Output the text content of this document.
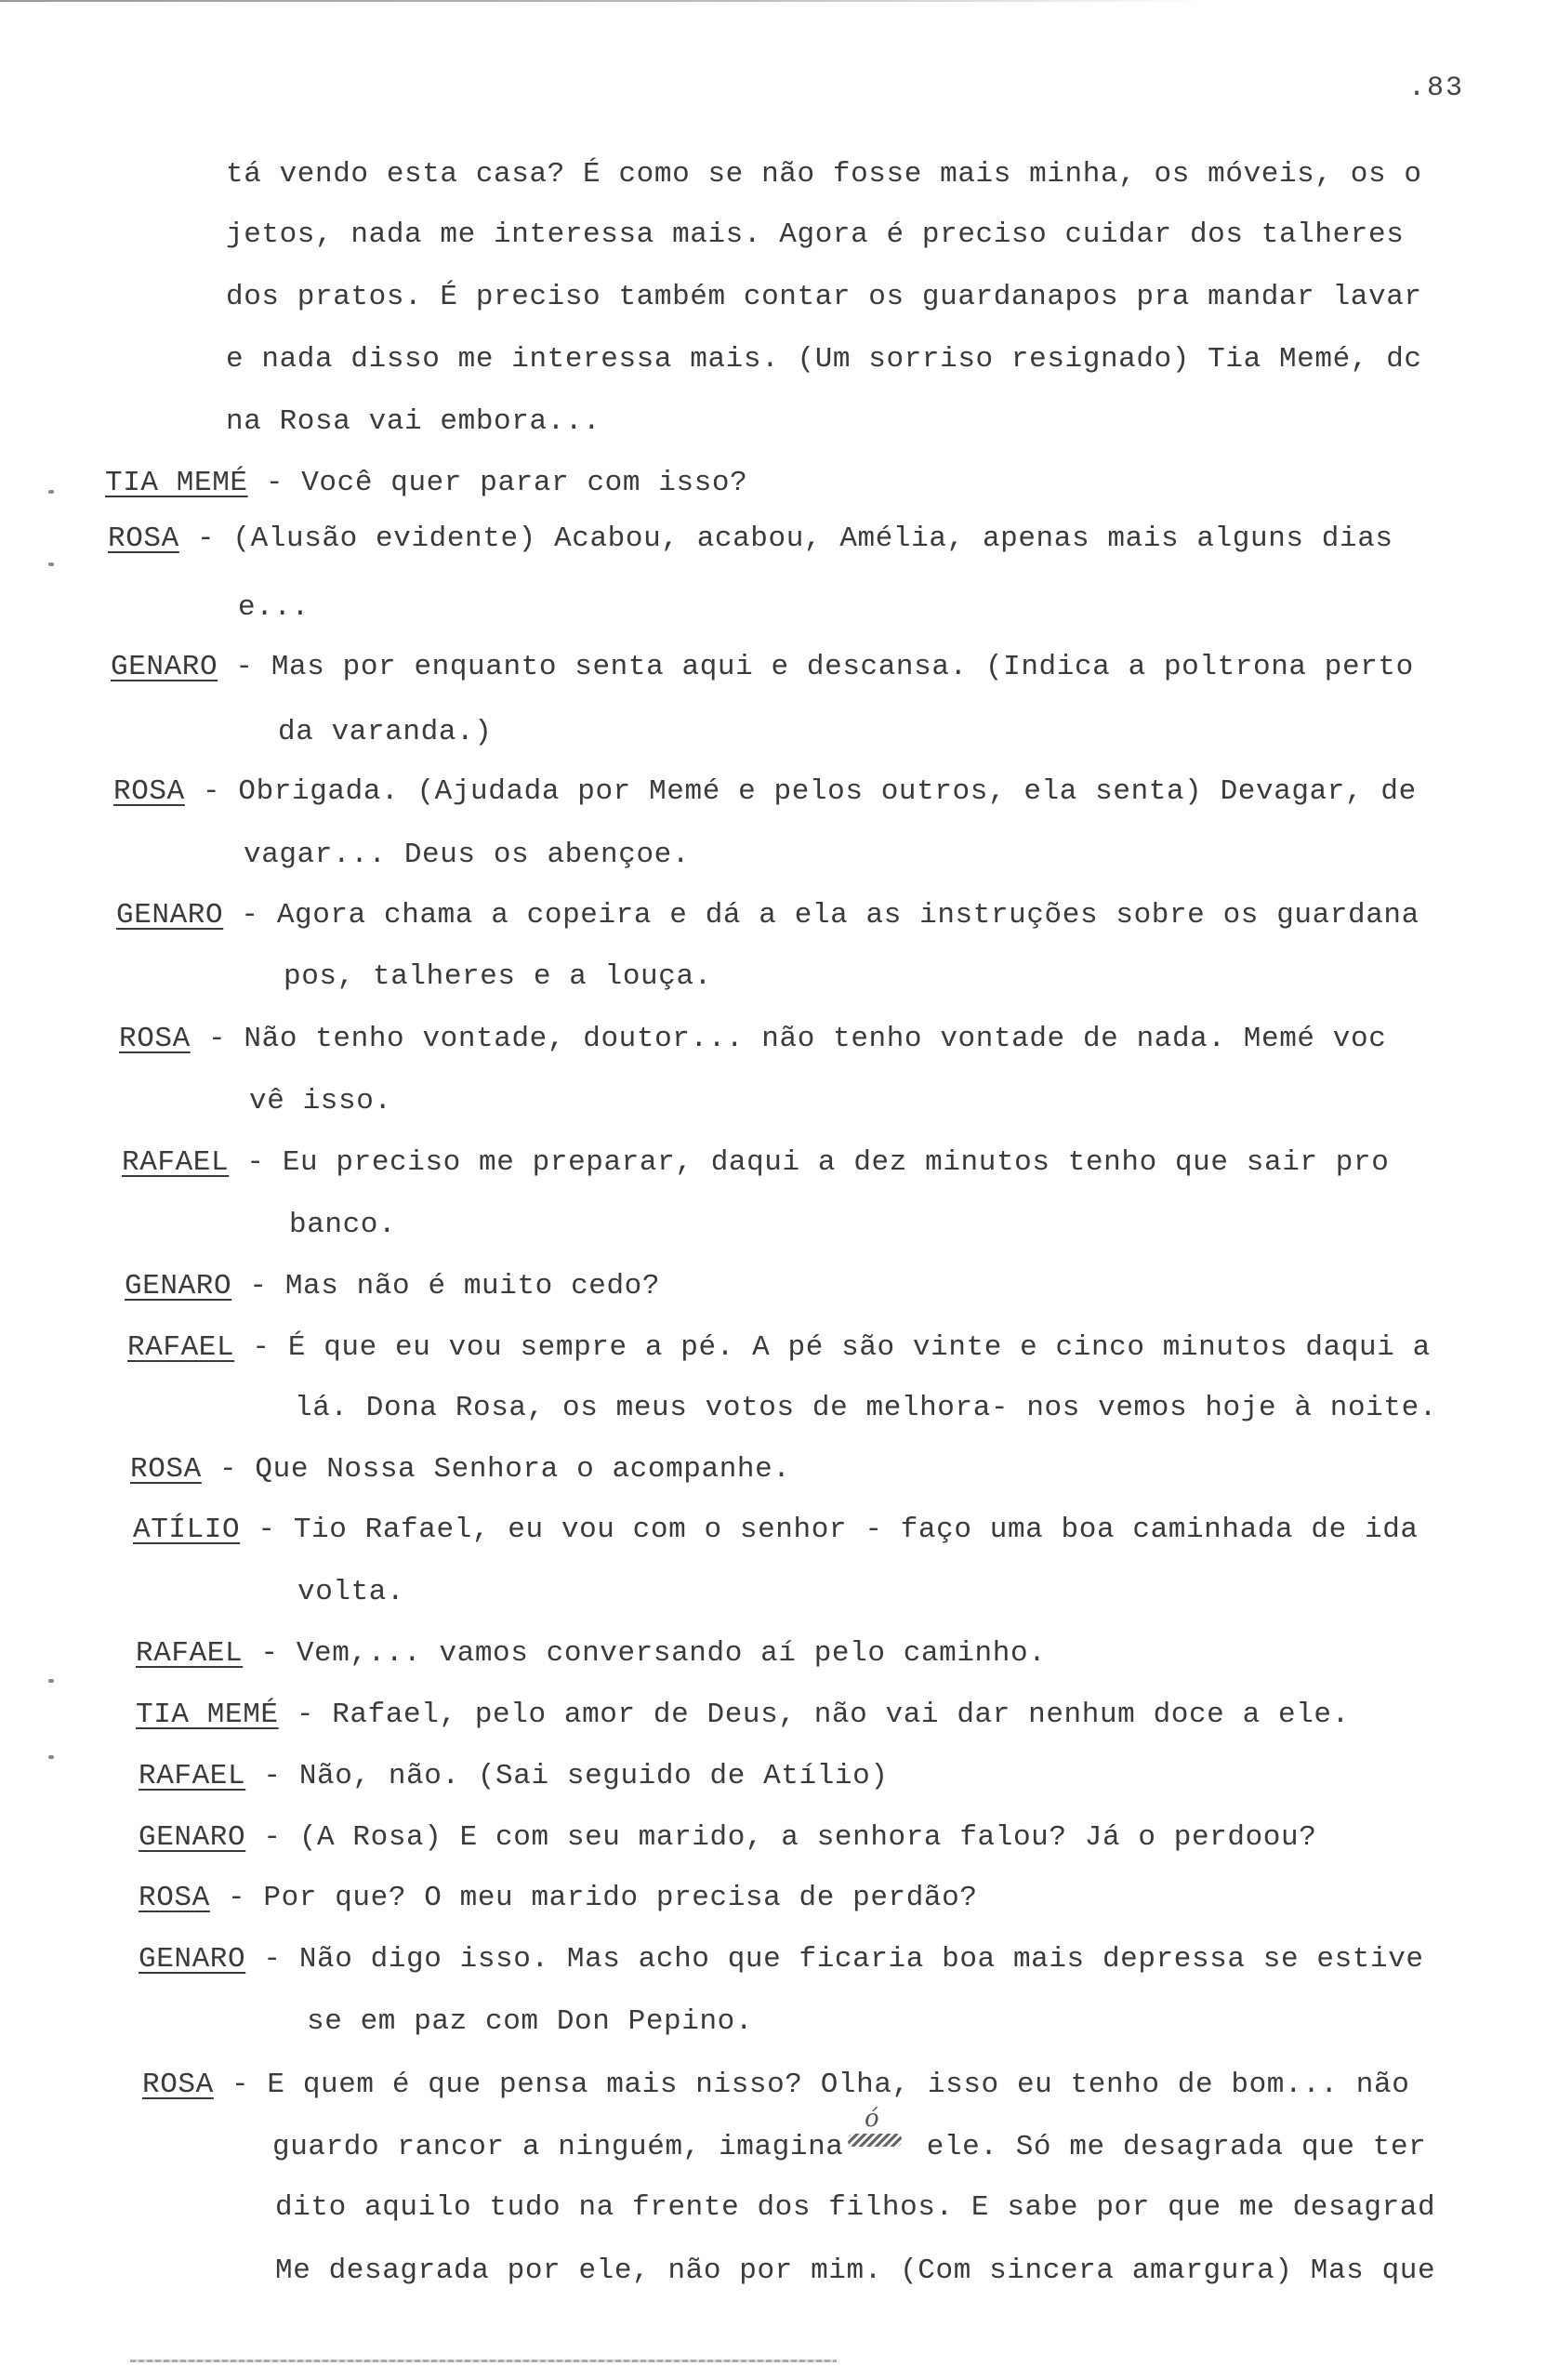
.83
tá vendo esta casa? É como se não fosse mais minha, os móveis, os o
jetos, nada me interessa mais. Agora é preciso cuidar dos talheres
dos pratos. É preciso também contar os guardanapos pra mandar lavar
e nada disso me interessa mais. (Um sorriso resignado) Tia Memé, dc
na Rosa vai embora...
TIA MEMÉ - Você quer parar com isso?
ROSA - (Alusão evidente) Acabou, acabou, Amélia, apenas mais alguns dias
e...
GENARO - Mas por enquanto senta aqui e descansa. (Indica a poltrona perto
da varanda.)
ROSA - Obrigada. (Ajudada por Memé e pelos outros, ela senta) Devagar, de
vagar... Deus os abençoe.
GENARO - Agora chama a copeira e dá a ela as instruções sobre os guardana
pos, talheres e a louça.
ROSA - Não tenho vontade, doutor... não tenho vontade de nada. Memé voc
vê isso.
RAFAEL - Eu preciso me preparar, daqui a dez minutos tenho que sair pro
banco.
GENARO - Mas não é muito cedo?
RAFAEL - É que eu vou sempre a pé. A pé são vinte e cinco minutos daqui a
lá. Dona Rosa, os meus votos de melhora- nos vemos hoje à noite.
ROSA - Que Nossa Senhora o acompanhe.
ATÍLIO - Tio Rafael, eu vou com o senhor - faço uma boa caminhada de ida
volta.
RAFAEL - Vem,... vamos conversando aí pelo caminho.
TIA MEMÉ - Rafael, pelo amor de Deus, não vai dar nenhum doce a ele.
RAFAEL - Não, não. (Sai seguido de Atílio)
GENARO - (A Rosa) E com seu marido, a senhora falou? Já o perdoou?
ROSA - Por que? O meu marido precisa de perdão?
GENARO - Não digo isso. Mas acho que ficaria boa mais depressa se estive
se em paz com Don Pepino.
ROSA - E quem é que pensa mais nisso? Olha, isso eu tenho de bom... não
ó
guardo rancor a ninguém, imagina
ele. Só me desagrada que ter
dito aquilo tudo na frente dos filhos. E sabe por que me desagrad
Me desagrada por ele, não por mim. (Com sincera amargura) Mas que
